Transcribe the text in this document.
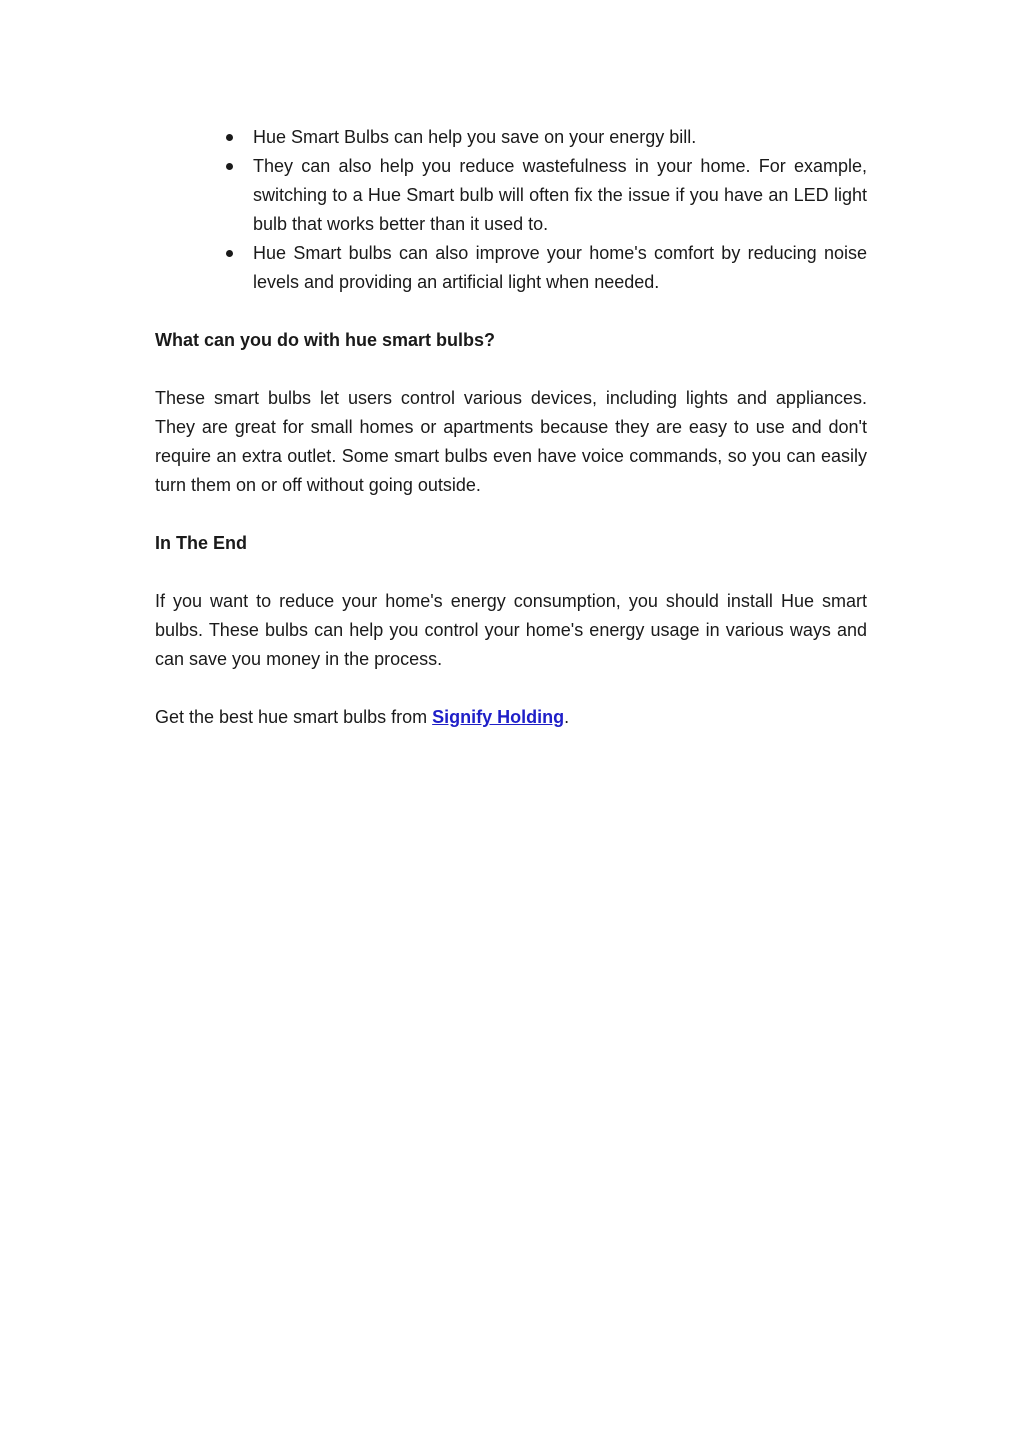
Hue Smart Bulbs can help you save on your energy bill.
They can also help you reduce wastefulness in your home. For example, switching to a Hue Smart bulb will often fix the issue if you have an LED light bulb that works better than it used to.
Hue Smart bulbs can also improve your home's comfort by reducing noise levels and providing an artificial light when needed.

What can you do with hue smart bulbs?

These smart bulbs let users control various devices, including lights and appliances. They are great for small homes or apartments because they are easy to use and don't require an extra outlet. Some smart bulbs even have voice commands, so you can easily turn them on or off without going outside.

In The End

If you want to reduce your home's energy consumption, you should install Hue smart bulbs. These bulbs can help you control your home's energy usage in various ways and can save you money in the process.

Get the best hue smart bulbs from Signify Holding.
